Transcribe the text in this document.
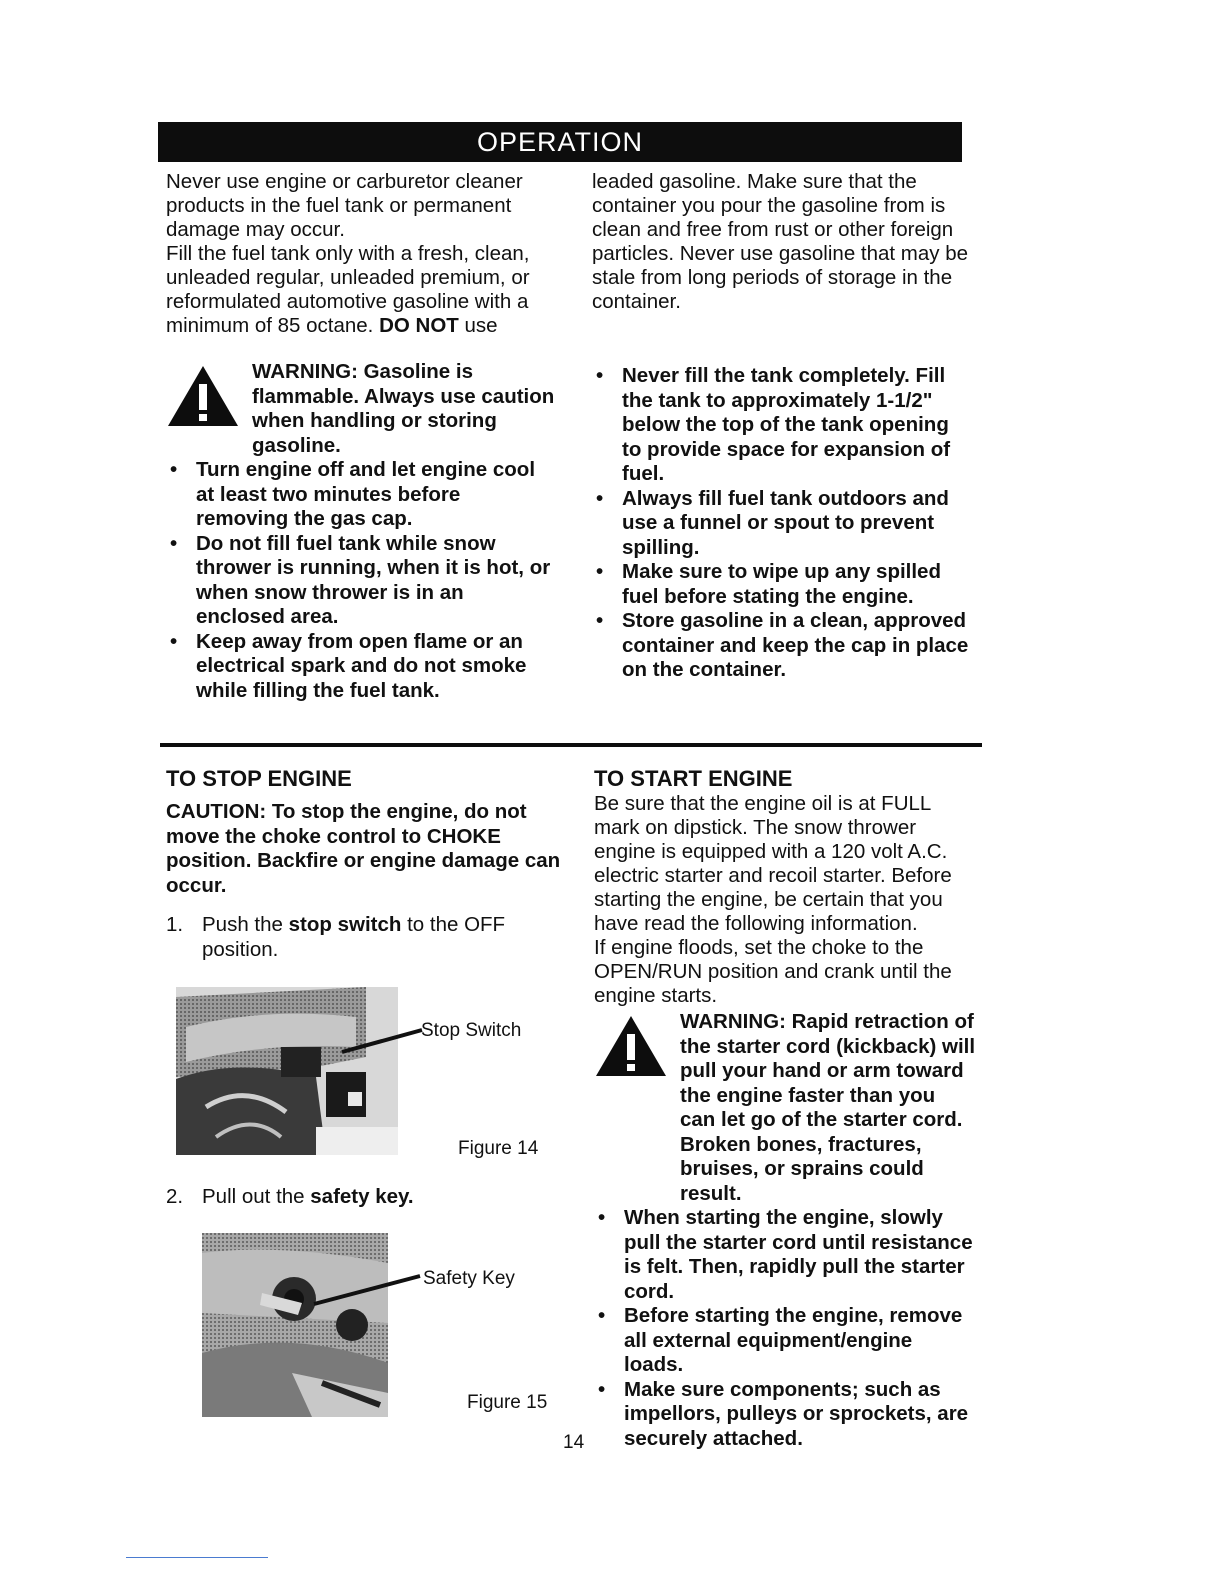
OPERATION

Never use engine or carburetor cleaner products in the fuel tank or permanent damage may occur.

Fill the fuel tank only with a fresh, clean, unleaded regular, unleaded premium, or reformulated automotive gasoline with a minimum of 85 octane. DO NOT use

WARNING: Gasoline is flammable. Always use caution when handling or storing gasoline.

• Turn engine off and let engine cool at least two minutes before removing the gas cap.
• Do not fill fuel tank while snow thrower is running, when it is hot, or when snow thrower is in an enclosed area.
• Keep away from open flame or an electrical spark and do not smoke while filling the fuel tank.

leaded gasoline. Make sure that the container you pour the gasoline from is clean and free from rust or other foreign particles. Never use gasoline that may be stale from long periods of storage in the container.

• Never fill the tank completely. Fill the tank to approximately 1-1/2" below the top of the tank opening to provide space for expansion of fuel.
• Always fill fuel tank outdoors and use a funnel or spout to prevent spilling.
• Make sure to wipe up any spilled fuel before stating the engine.
• Store gasoline in a clean, approved container and keep the cap in place on the container.

TO STOP ENGINE

CAUTION: To stop the engine, do not move the choke control to CHOKE position. Backfire or engine damage can occur.

1. Push the stop switch to the OFF position.
Stop Switch
Figure 14
2. Pull out the safety key.
Safety Key
Figure 15

TO START ENGINE

Be sure that the engine oil is at FULL mark on dipstick. The snow thrower engine is equipped with a 120 volt A.C. electric starter and recoil starter. Before starting the engine, be certain that you have read the following information.

If engine floods, set the choke to the OPEN/RUN position and crank until the engine starts.

WARNING: Rapid retraction of the starter cord (kickback) will pull your hand or arm toward the engine faster than you can let go of the starter cord. Broken bones, fractures, bruises, or sprains could result.

• When starting the engine, slowly pull the starter cord until resistance is felt. Then, rapidly pull the starter cord.
• Before starting the engine, remove all external equipment/engine loads.
• Make sure components; such as impellors, pulleys or sprockets, are securely attached.
14
